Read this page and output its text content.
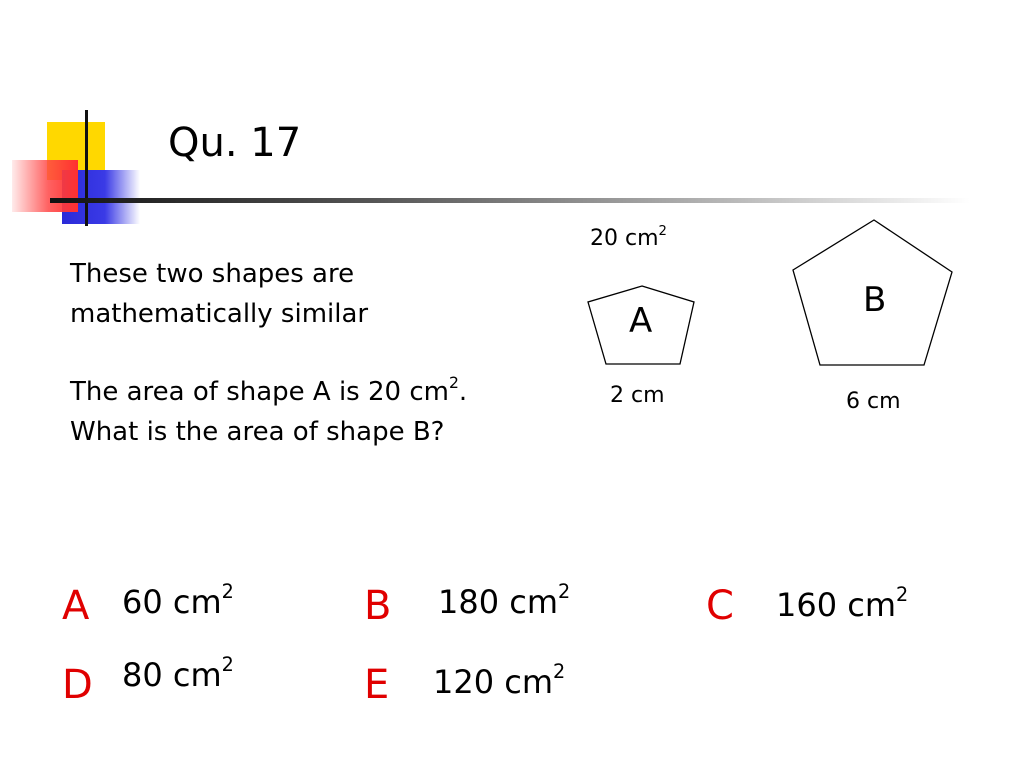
Qu. 17
These two shapes are
mathematically similar
The area of shape A is 20 $cm^2$.
What is the area of shape B?
20 $cm^2$
A
2 cm
B
6 cm
A 60 $cm^2$	B 180 $cm^2$	C 160 $cm^2$
D 80 $cm^2$	E 120 $cm^2$
